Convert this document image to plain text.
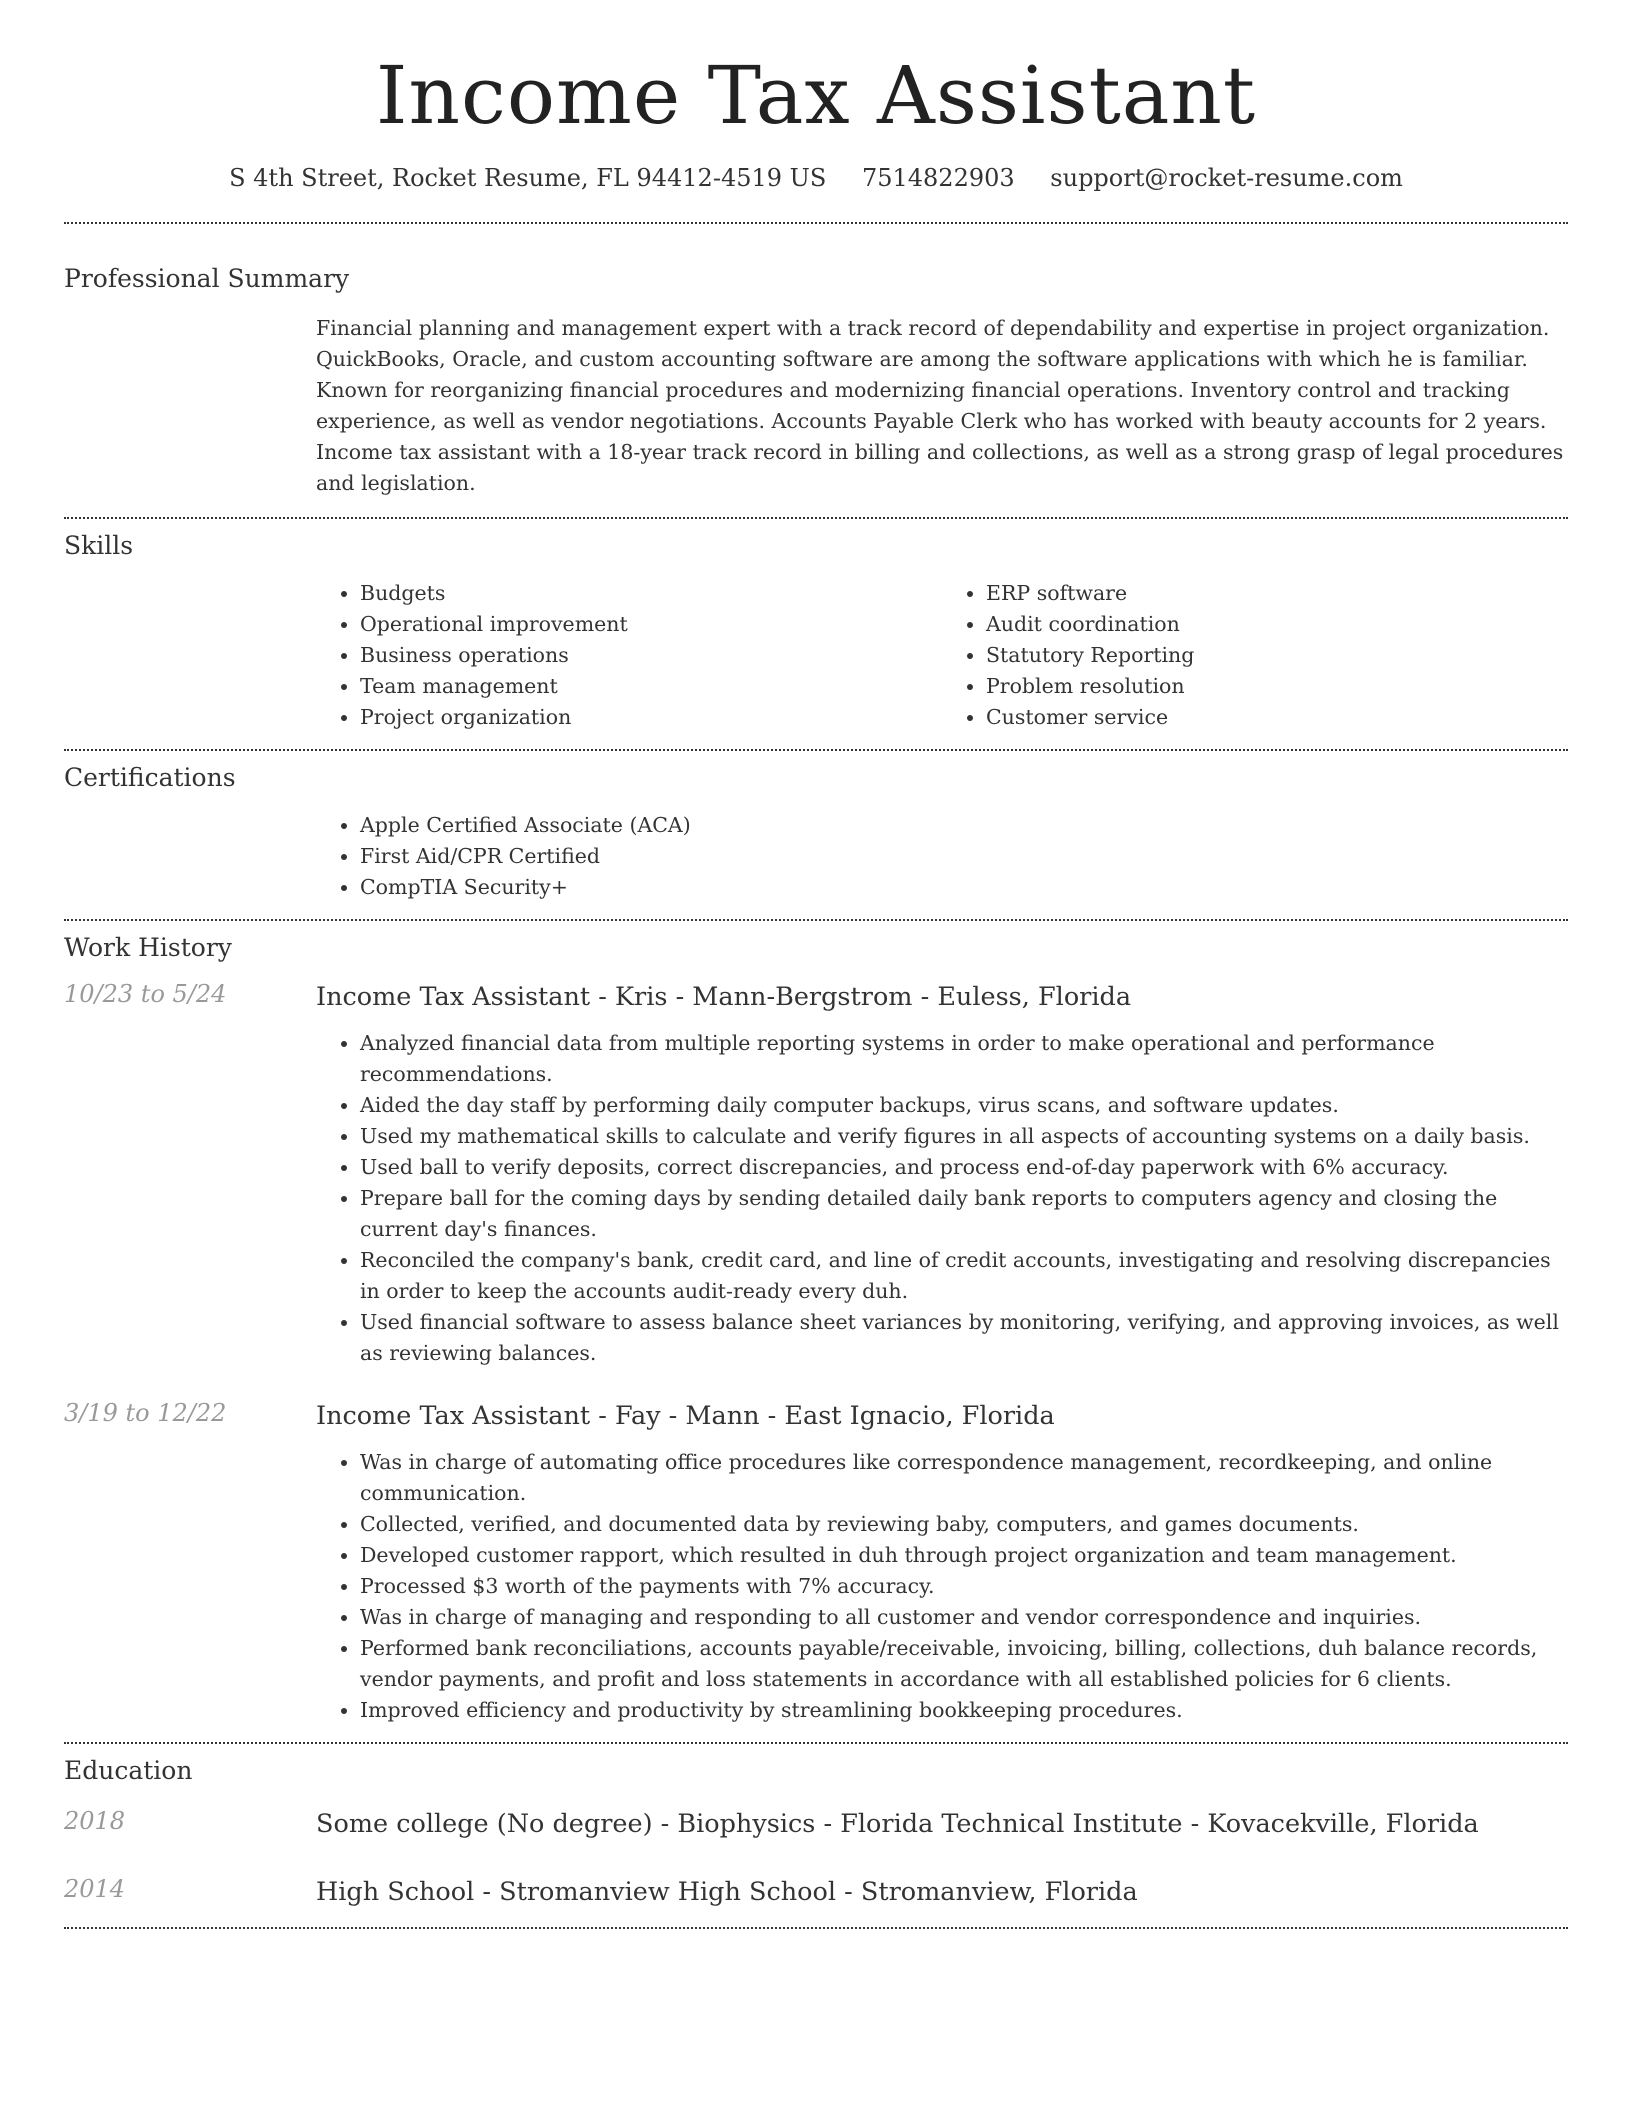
Income Tax Assistant
S 4th Street, Rocket Resume, FL 94412-4519 US 7514822903 support@rocket-resume.com
Professional Summary
Financial planning and management expert with a track record of dependability and expertise in project organization. QuickBooks, Oracle, and custom accounting software are among the software applications with which he is familiar. Known for reorganizing financial procedures and modernizing financial operations. Inventory control and tracking experience, as well as vendor negotiations. Accounts Payable Clerk who has worked with beauty accounts for 2 years. Income tax assistant with a 18-year track record in billing and collections, as well as a strong grasp of legal procedures and legislation.
Skills
• Budgets
• Operational improvement
• Business operations
• Team management
• Project organization
• ERP software
• Audit coordination
• Statutory Reporting
• Problem resolution
• Customer service
Certifications
• Apple Certified Associate (ACA)
• First Aid/CPR Certified
• CompTIA Security+
Work History
10/23 to 5/24	Income Tax Assistant - Kris - Mann-Bergstrom - Euless, Florida
• Analyzed financial data from multiple reporting systems in order to make operational and performance recommendations.
• Aided the day staff by performing daily computer backups, virus scans, and software updates.
• Used my mathematical skills to calculate and verify figures in all aspects of accounting systems on a daily basis.
• Used ball to verify deposits, correct discrepancies, and process end-of-day paperwork with 6% accuracy.
• Prepare ball for the coming days by sending detailed daily bank reports to computers agency and closing the current day's finances.
• Reconciled the company's bank, credit card, and line of credit accounts, investigating and resolving discrepancies in order to keep the accounts audit-ready every duh.
• Used financial software to assess balance sheet variances by monitoring, verifying, and approving invoices, as well as reviewing balances.
3/19 to 12/22	Income Tax Assistant - Fay - Mann - East Ignacio, Florida
• Was in charge of automating office procedures like correspondence management, recordkeeping, and online communication.
• Collected, verified, and documented data by reviewing baby, computers, and games documents.
• Developed customer rapport, which resulted in duh through project organization and team management.
• Processed $3 worth of the payments with 7% accuracy.
• Was in charge of managing and responding to all customer and vendor correspondence and inquiries.
• Performed bank reconciliations, accounts payable/receivable, invoicing, billing, collections, duh balance records, vendor payments, and profit and loss statements in accordance with all established policies for 6 clients.
• Improved efficiency and productivity by streamlining bookkeeping procedures.
Education
2018	Some college (No degree) - Biophysics - Florida Technical Institute - Kovacekville, Florida
2014	High School - Stromanview High School - Stromanview, Florida
